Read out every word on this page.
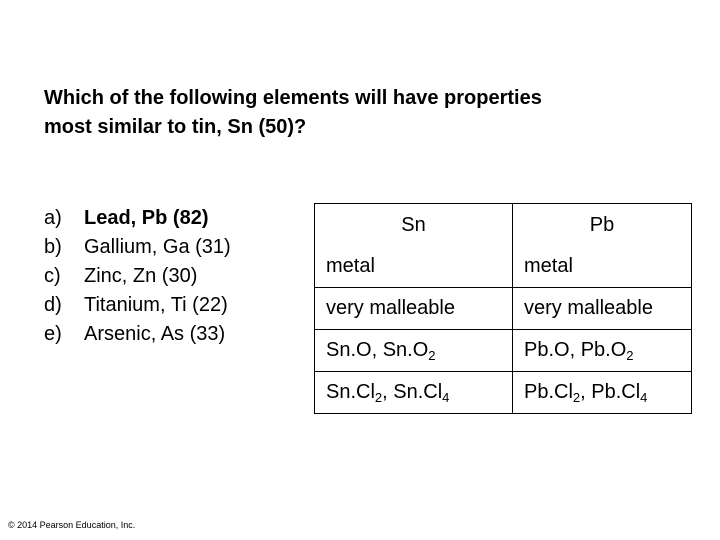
Which of the following elements will have properties
most similar to tin, Sn (50)?
a)	Lead, Pb (82)
b)	Gallium, Ga (31)
c)	Zinc, Zn (30)
d)	Titanium, Ti (22)
e)	Arsenic, As (33)
Sn	Pb
metal	metal
very malleable	very malleable
Sn.O, $Sn.O_2$	Pb.O, $Pb.O_2$
$Sn.Cl_2$, $Sn.Cl_4$	$Pb.Cl_2$, $Pb.Cl_4$
© 2014 Pearson Education, Inc.
